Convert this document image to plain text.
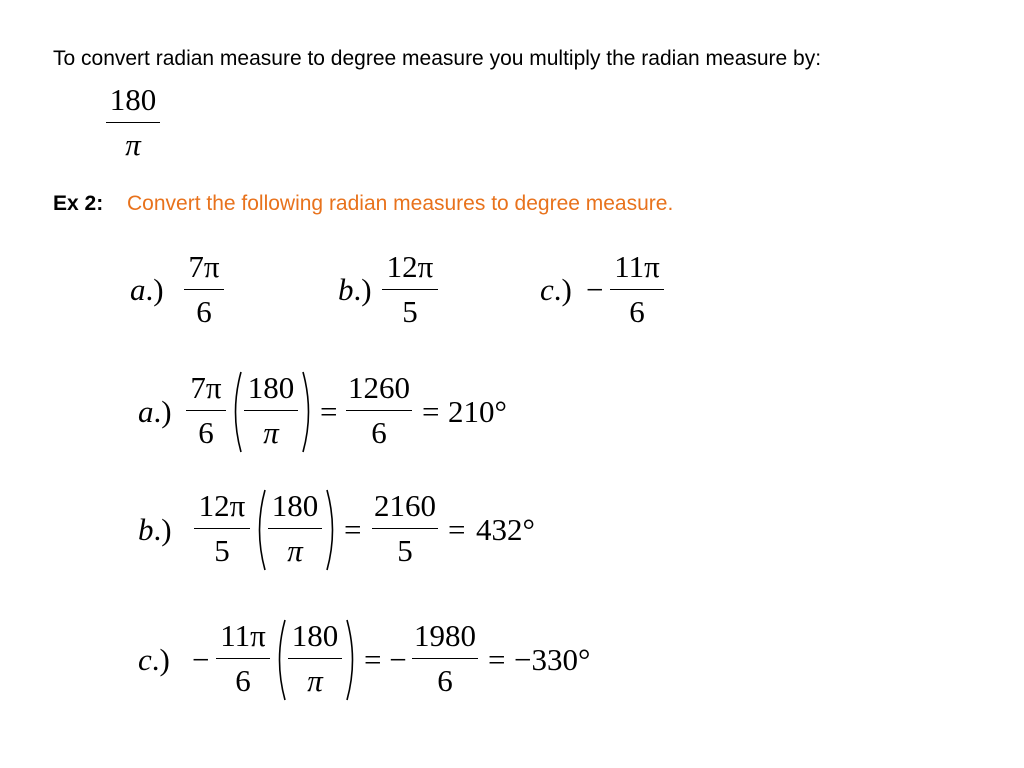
To convert radian measure to degree measure you multiply the radian measure by:
180
π
Ex 2: Convert the following radian measures to degree measure.
a.)
7π
6
b.)
12π
5
c.) −
11π
6
a.)
7π
6
180
π
=
1260
6
= 210°
b.)
12π
5
180
π
=
2160
5
= 432°
c.) −
11π
6
180
π
= −
1980
6
= −330°
